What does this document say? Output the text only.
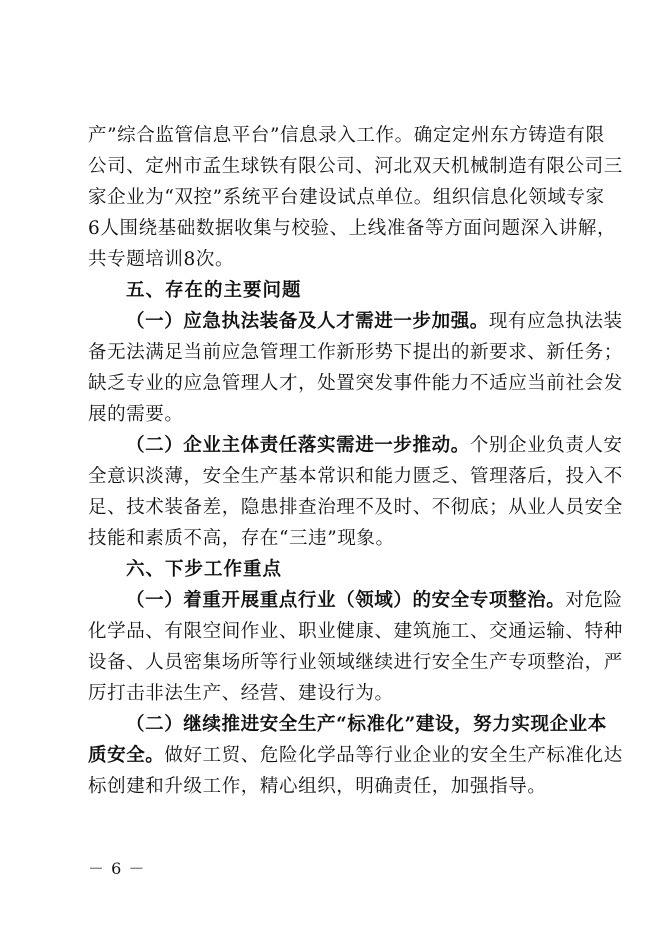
产”综合监管信息平台”信息录入工作。确定定州东方铸造有限
公司、定州市孟生球铁有限公司、河北双天机械制造有限公司三
家企业为“双控”系统平台建设试点单位。组织信息化领域专家
6人围绕基础数据收集与校验、上线准备等方面问题深入讲解，
共专题培训8次。
五、存在的主要问题
（一）应急执法装备及人才需进一步加强。现有应急执法装
备无法满足当前应急管理工作新形势下提出的新要求、新任务；
缺乏专业的应急管理人才，处置突发事件能力不适应当前社会发
展的需要。
（二）企业主体责任落实需进一步推动。个别企业负责人安
全意识淡薄，安全生产基本常识和能力匮乏、管理落后，投入不
足、技术装备差，隐患排查治理不及时、不彻底；从业人员安全
技能和素质不高，存在“三违”现象。
六、下步工作重点
（一）着重开展重点行业（领域）的安全专项整治。对危险
化学品、有限空间作业、职业健康、建筑施工、交通运输、特种
设备、人员密集场所等行业领域继续进行安全生产专项整治，严
厉打击非法生产、经营、建设行为。
（二）继续推进安全生产“标准化”建设，努力实现企业本
质安全。做好工贸、危险化学品等行业企业的安全生产标准化达
标创建和升级工作，精心组织，明确责任，加强指导。
－ 6 －
